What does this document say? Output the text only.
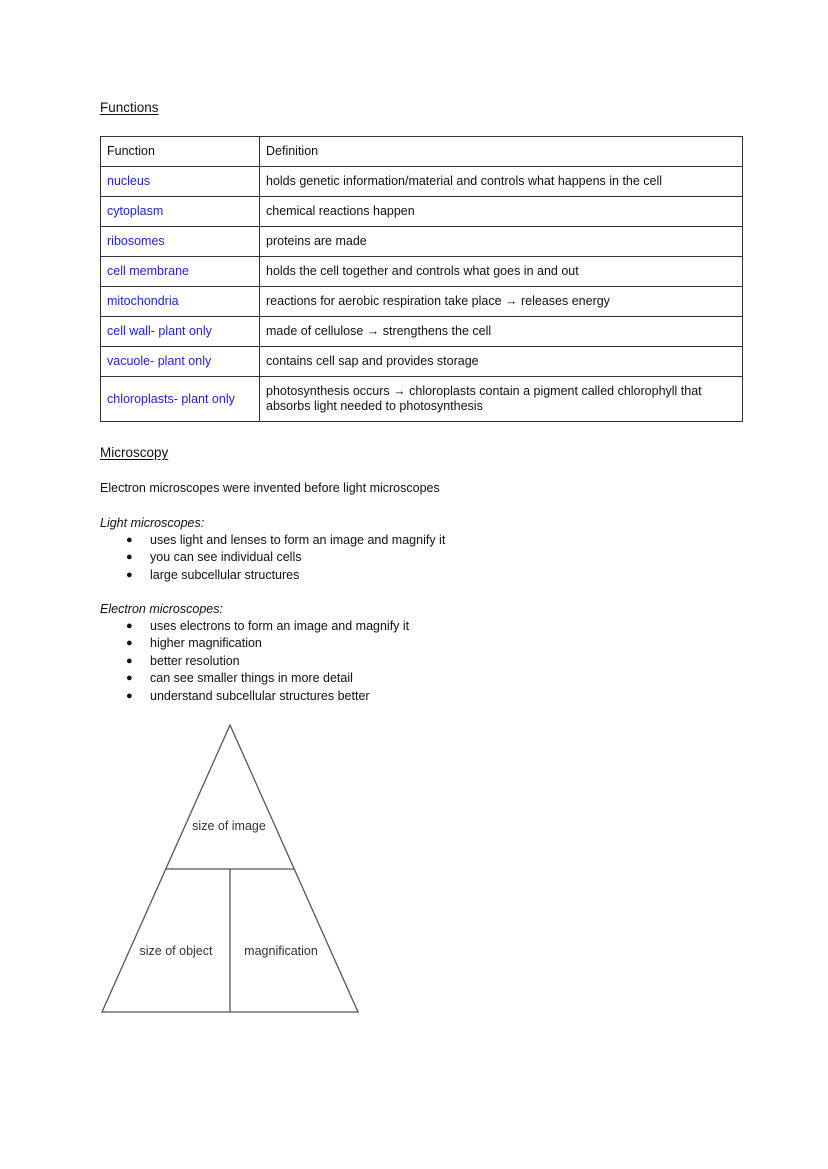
Functions
Function	Definition
nucleus	holds genetic information/material and controls what happens in the cell
cytoplasm	chemical reactions happen
ribosomes	proteins are made
cell membrane	holds the cell together and controls what goes in and out
mitochondria	reactions for aerobic respiration take place → releases energy
cell wall- plant only	made of cellulose → strengthens the cell
vacuole- plant only	contains cell sap and provides storage
chloroplasts- plant only	photosynthesis occurs → chloroplasts contain a pigment called chlorophyll that absorbs light needed to photosynthesis
Microscopy
Electron microscopes were invented before light microscopes
Light microscopes:
● uses light and lenses to form an image and magnify it
● you can see individual cells
● large subcellular structures
Electron microscopes:
● uses electrons to form an image and magnify it
● higher magnification
● better resolution
● can see smaller things in more detail
● understand subcellular structures better
size of image
size of object	magnification
